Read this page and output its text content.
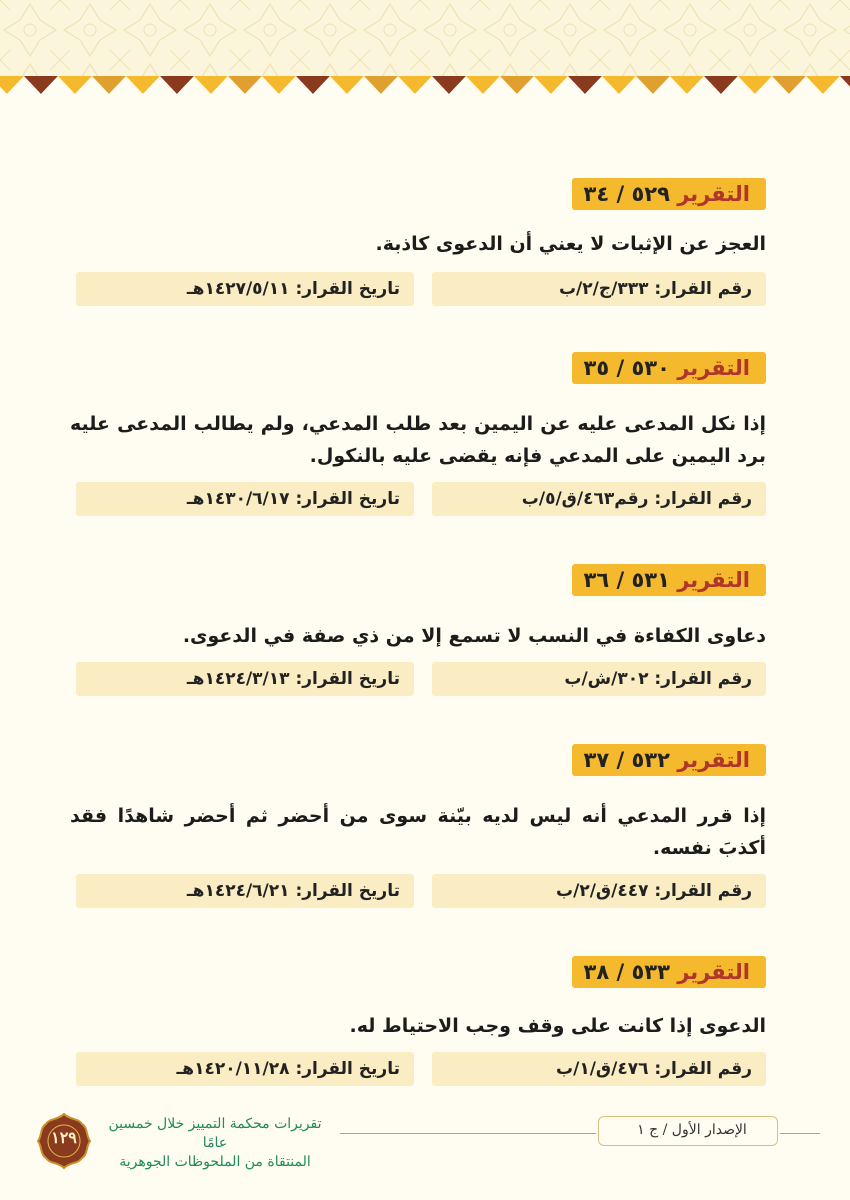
التقرير ٥٢٩ / ٣٤
العجز عن الإثبات لا يعني أن الدعوى كاذبة.
رقم القرار: ٣٣٣/ج/٢/ب
تاريخ القرار: ١٤٢٧/٥/١١هـ
التقرير ٥٣٠ / ٣٥
إذا نكل المدعى عليه عن اليمين بعد طلب المدعي، ولم يطالب المدعى عليه برد اليمين على المدعي فإنه يقضى عليه بالنكول.
رقم القرار: رقم٤٦٣/ق/٥/ب
تاريخ القرار: ١٤٣٠/٦/١٧هـ
التقرير ٥٣١ / ٣٦
دعاوى الكفاءة في النسب لا تسمع إلا من ذي صفة في الدعوى.
رقم القرار: ٣٠٢/ش/ب
تاريخ القرار: ١٤٢٤/٣/١٣هـ
التقرير ٥٣٢ / ٣٧
إذا قرر المدعي أنه ليس لديه بيّنة سوى من أحضر ثم أحضر شاهدًا فقد أكذبَ نفسه.
رقم القرار: ٤٤٧/ق/٢/ب
تاريخ القرار: ١٤٢٤/٦/٢١هـ
التقرير ٥٣٣ / ٣٨
الدعوى إذا كانت على وقف وجب الاحتياط له.
رقم القرار: ٤٧٦/ق/١/ب
تاريخ القرار: ١٤٢٠/١١/٢٨هـ
الإصدار الأول / ج ١
١٢٩
تقريرات محكمة التمييز خلال خمسين عامًا
المنتقاة من الملحوظات الجوهرية
